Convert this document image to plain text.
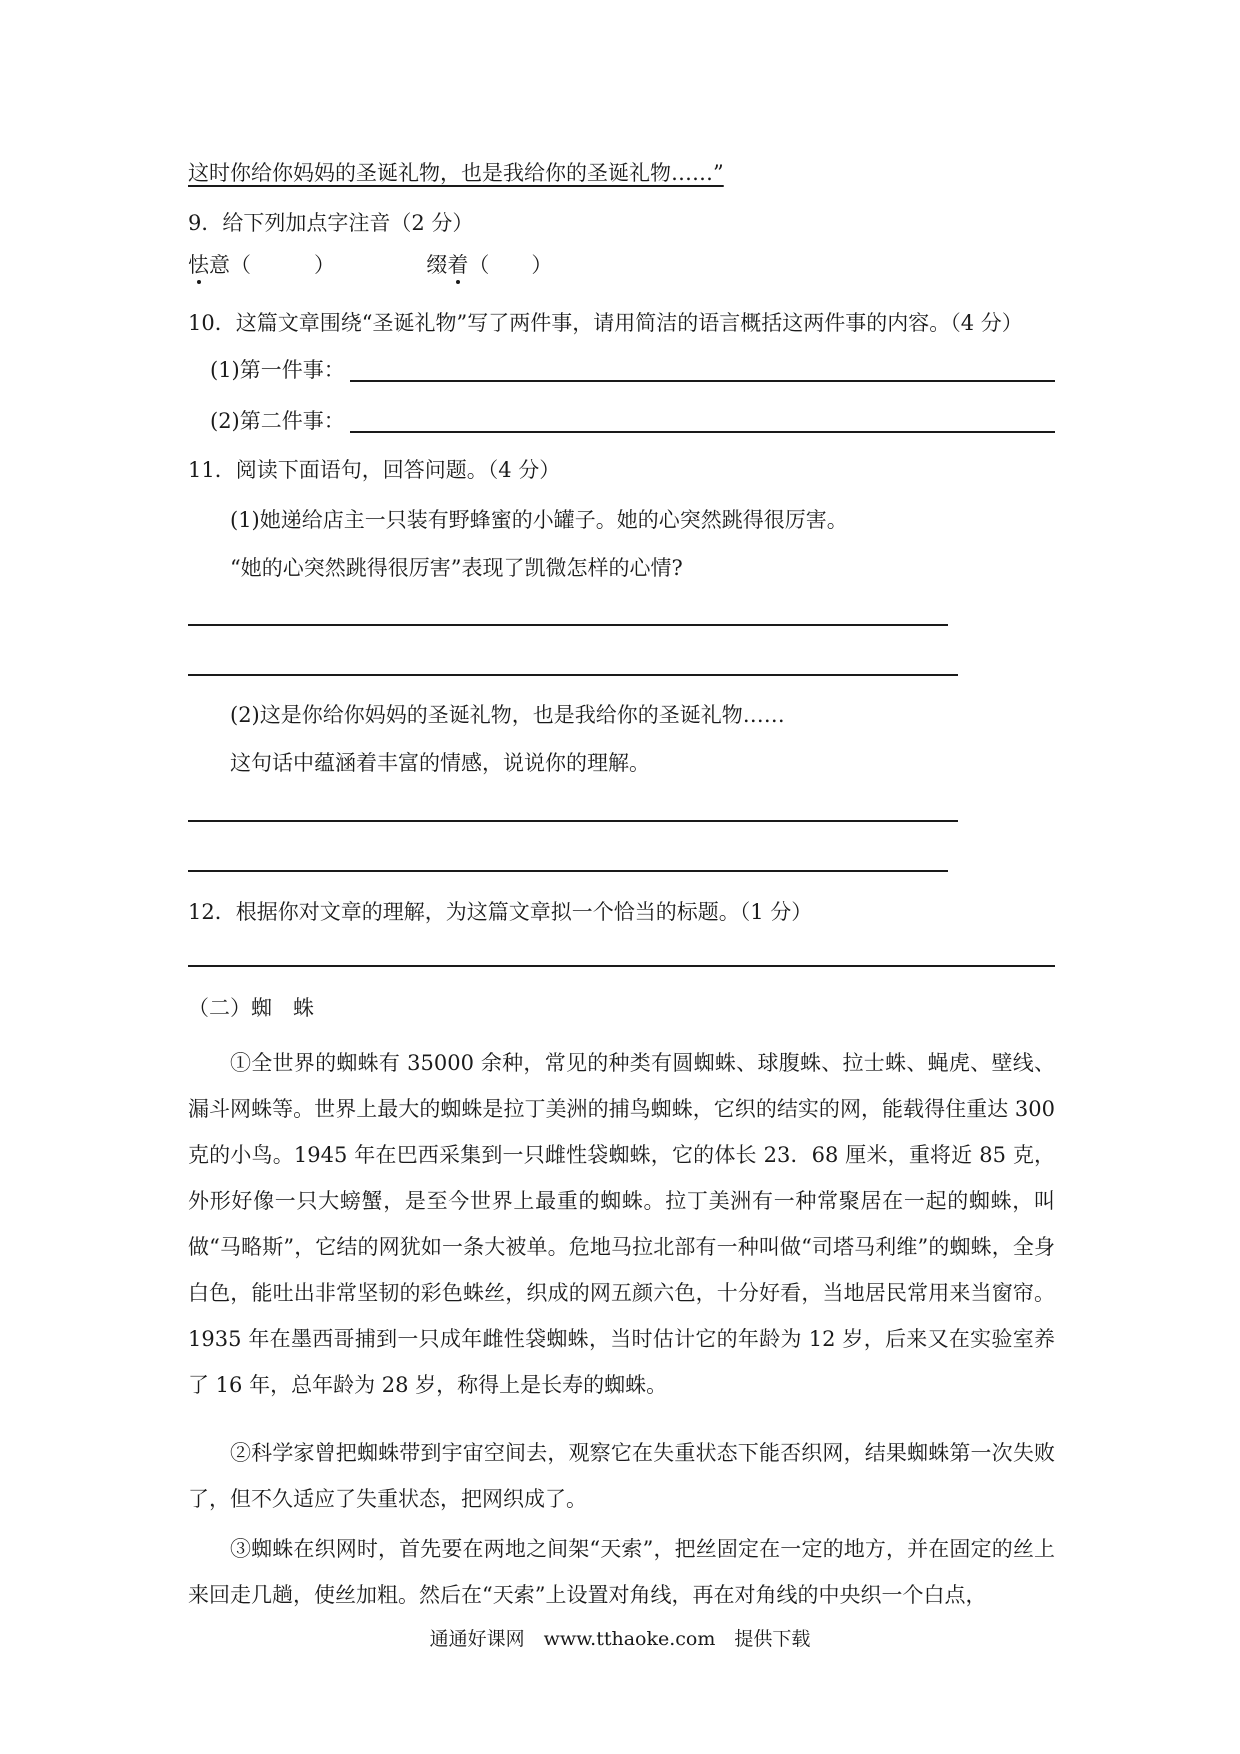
这时你给你妈妈的圣诞礼物，也是我给你的圣诞礼物……”
9．给下列加点字注音（2 分）
怯意（　　　）	缀着（　　）
10．这篇文章围绕“圣诞礼物”写了两件事，请用简洁的语言概括这两件事的内容。（4 分）
(1)第一件事：
(2)第二件事：
11．阅读下面语句，回答问题。（4 分）
(1)她递给店主一只装有野蜂蜜的小罐子。她的心突然跳得很厉害。
“她的心突然跳得很厉害”表现了凯微怎样的心情?
(2)这是你给你妈妈的圣诞礼物，也是我给你的圣诞礼物……
这句话中蕴涵着丰富的情感，说说你的理解。
12．根据你对文章的理解，为这篇文章拟一个恰当的标题。（1 分）
（二）蜘　蛛
①全世界的蜘蛛有 35000 余种，常见的种类有圆蜘蛛、球腹蛛、拉士蛛、蝇虎、壁线、漏斗网蛛等。世界上最大的蜘蛛是拉丁美洲的捕鸟蜘蛛，它织的结实的网，能载得住重达 300 克的小鸟。1945 年在巴西采集到一只雌性袋蜘蛛，它的体长 23．68 厘米，重将近 85 克，外形好像一只大螃蟹，是至今世界上最重的蜘蛛。拉丁美洲有一种常聚居在一起的蜘蛛，叫做“马略斯”，它结的网犹如一条大被单。危地马拉北部有一种叫做“司塔马利维”的蜘蛛，全身白色，能吐出非常坚韧的彩色蛛丝，织成的网五颜六色，十分好看，当地居民常用来当窗帘。1935 年在墨西哥捕到一只成年雌性袋蜘蛛，当时估计它的年龄为 12 岁，后来又在实验室养了 16 年，总年龄为 28 岁，称得上是长寿的蜘蛛。
②科学家曾把蜘蛛带到宇宙空间去，观察它在失重状态下能否织网，结果蜘蛛第一次失败了，但不久适应了失重状态，把网织成了。
③蜘蛛在织网时，首先要在两地之间架“天索”，把丝固定在一定的地方，并在固定的丝上来回走几趟，使丝加粗。然后在“天索”上设置对角线，再在对角线的中央织一个白点，
通通好课网　www.tthaoke.com　提供下载
